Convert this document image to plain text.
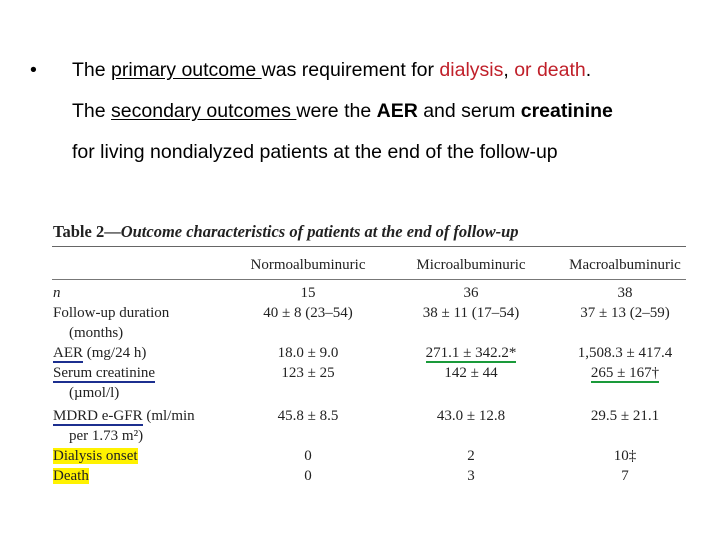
• The primary outcome was requirement for dialysis, or death.
The secondary outcomes were the AER and serum creatinine
for living nondialyzed patients at the end of the follow-up
Table 2—Outcome characteristics of patients at the end of follow-up
Normoalbuminuric	Microalbuminuric	Macroalbuminuric
n	15	36	38
Follow-up duration	40 ± 8 (23–54)	38 ± 11 (17–54)	37 ± 13 (2–59)
(months)
AER (mg/24 h)	18.0 ± 9.0	271.1 ± 342.2*	1,508.3 ± 417.4
Serum creatinine	123 ± 25	142 ± 44	265 ± 167†
(µmol/l)
MDRD e-GFR (ml/min	45.8 ± 8.5	43.0 ± 12.8	29.5 ± 21.1
per 1.73 m²)
Dialysis onset	0	2	10‡
Death	0	3	7
